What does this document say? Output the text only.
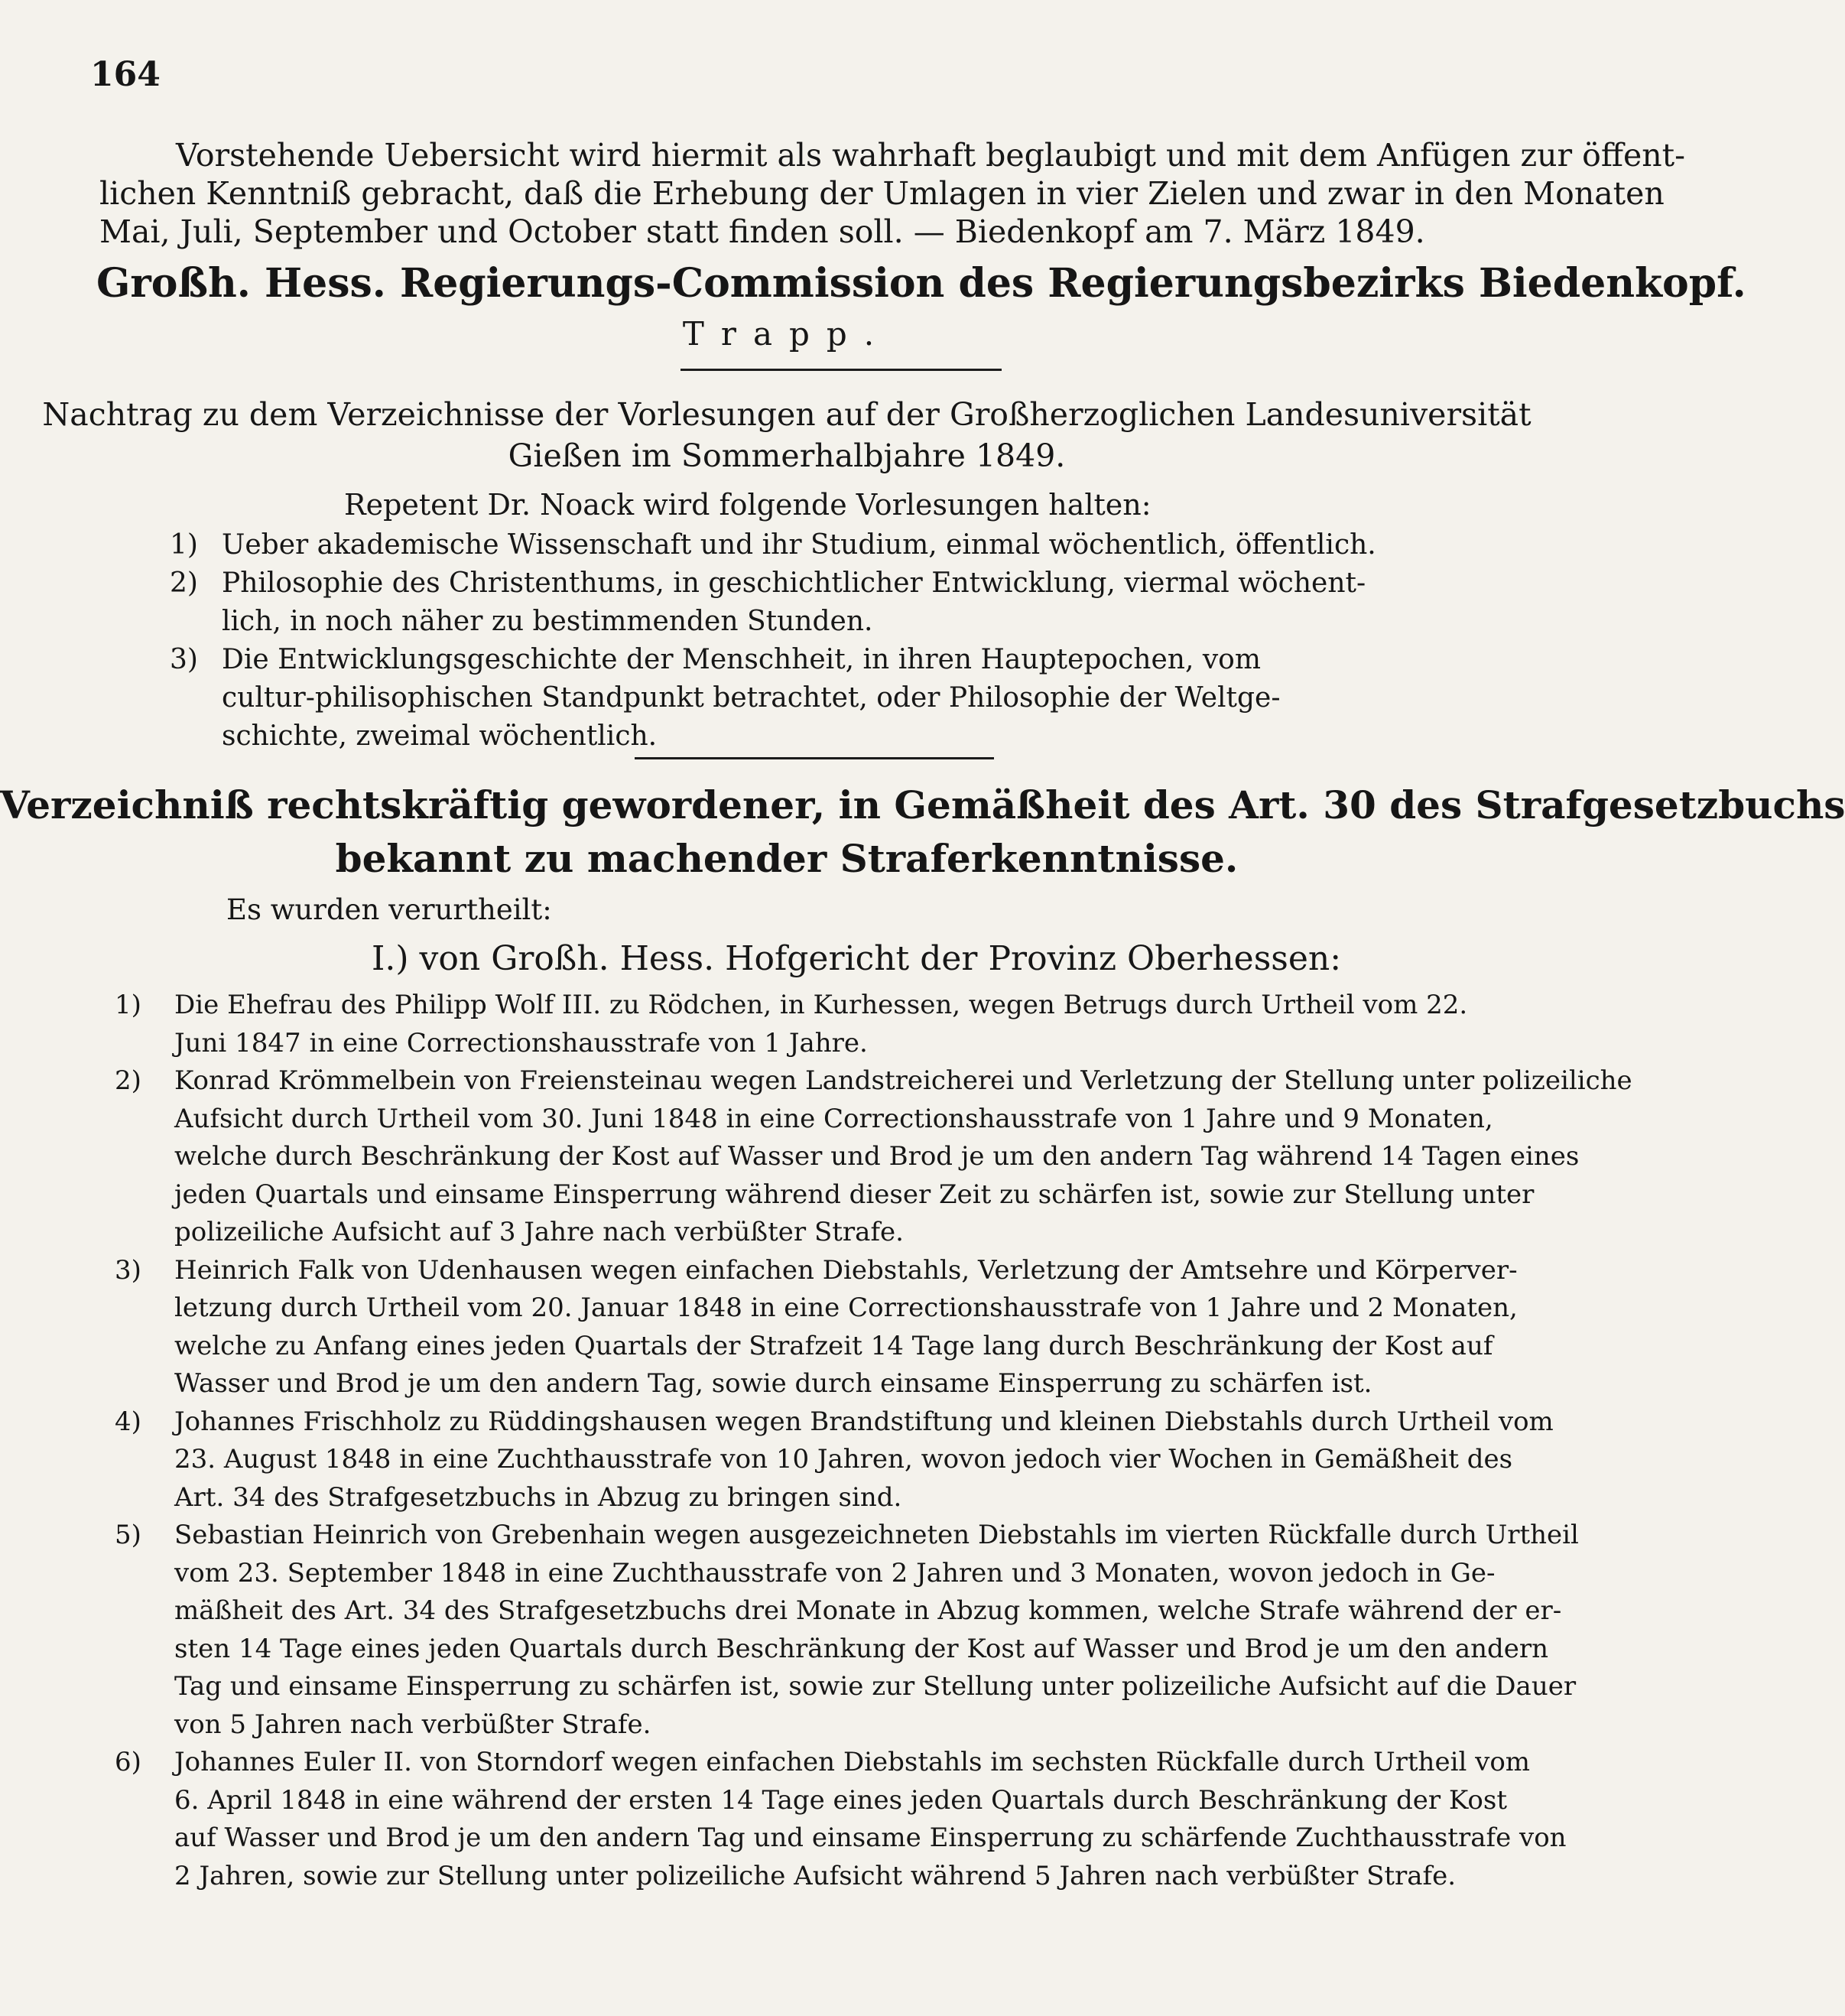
164
Vorstehende Uebersicht wird hiermit als wahrhaft beglaubigt und mit dem Anfügen zur öffent-
lichen Kenntniß gebracht, daß die Erhebung der Umlagen in vier Zielen und zwar in den Monaten
Mai, Juli, September und October statt finden soll. — Biedenkopf am 7. März 1849.
Großh. Hess. Regierungs-Commission des Regierungsbezirks Biedenkopf.
Trapp.
Nachtrag zu dem Verzeichnisse der Vorlesungen auf der Großherzoglichen Landesuniversität
Gießen im Sommerhalbjahre 1849.
Repetent Dr. Noack wird folgende Vorlesungen halten:
1) Ueber akademische Wissenschaft und ihr Studium, einmal wöchentlich, öffentlich.
2) Philosophie des Christenthums, in geschichtlicher Entwicklung, viermal wöchent-
lich, in noch näher zu bestimmenden Stunden.
3) Die Entwicklungsgeschichte der Menschheit, in ihren Hauptepochen, vom
cultur-philisophischen Standpunkt betrachtet, oder Philosophie der Weltge-
schichte, zweimal wöchentlich.
Verzeichniß rechtskräftig gewordener, in Gemäßheit des Art. 30 des Strafgesetzbuchs
bekannt zu machender Straferkenntnisse.
Es wurden verurtheilt:
I.) von Großh. Hess. Hofgericht der Provinz Oberhessen:
1)	Die Ehefrau des Philipp Wolf III. zu Rödchen, in Kurhessen, wegen Betrugs durch Urtheil vom 22.
Juni 1847 in eine Correctionshausstrafe von 1 Jahre.
2)	Konrad Krömmelbein von Freiensteinau wegen Landstreicherei und Verletzung der Stellung unter polizeiliche
Aufsicht durch Urtheil vom 30. Juni 1848 in eine Correctionshausstrafe von 1 Jahre und 9 Monaten,
welche durch Beschränkung der Kost auf Wasser und Brod je um den andern Tag während 14 Tagen eines
jeden Quartals und einsame Einsperrung während dieser Zeit zu schärfen ist, sowie zur Stellung unter
polizeiliche Aufsicht auf 3 Jahre nach verbüßter Strafe.
3)	Heinrich Falk von Udenhausen wegen einfachen Diebstahls, Verletzung der Amtsehre und Körperver-
letzung durch Urtheil vom 20. Januar 1848 in eine Correctionshausstrafe von 1 Jahre und 2 Monaten,
welche zu Anfang eines jeden Quartals der Strafzeit 14 Tage lang durch Beschränkung der Kost auf
Wasser und Brod je um den andern Tag, sowie durch einsame Einsperrung zu schärfen ist.
4)	Johannes Frischholz zu Rüddingshausen wegen Brandstiftung und kleinen Diebstahls durch Urtheil vom
23. August 1848 in eine Zuchthausstrafe von 10 Jahren, wovon jedoch vier Wochen in Gemäßheit des
Art. 34 des Strafgesetzbuchs in Abzug zu bringen sind.
5)	Sebastian Heinrich von Grebenhain wegen ausgezeichneten Diebstahls im vierten Rückfalle durch Urtheil
vom 23. September 1848 in eine Zuchthausstrafe von 2 Jahren und 3 Monaten, wovon jedoch in Ge-
mäßheit des Art. 34 des Strafgesetzbuchs drei Monate in Abzug kommen, welche Strafe während der er-
sten 14 Tage eines jeden Quartals durch Beschränkung der Kost auf Wasser und Brod je um den andern
Tag und einsame Einsperrung zu schärfen ist, sowie zur Stellung unter polizeiliche Aufsicht auf die Dauer
von 5 Jahren nach verbüßter Strafe.
6)	Johannes Euler II. von Storndorf wegen einfachen Diebstahls im sechsten Rückfalle durch Urtheil vom
6. April 1848 in eine während der ersten 14 Tage eines jeden Quartals durch Beschränkung der Kost
auf Wasser und Brod je um den andern Tag und einsame Einsperrung zu schärfende Zuchthausstrafe von
2 Jahren, sowie zur Stellung unter polizeiliche Aufsicht während 5 Jahren nach verbüßter Strafe.
